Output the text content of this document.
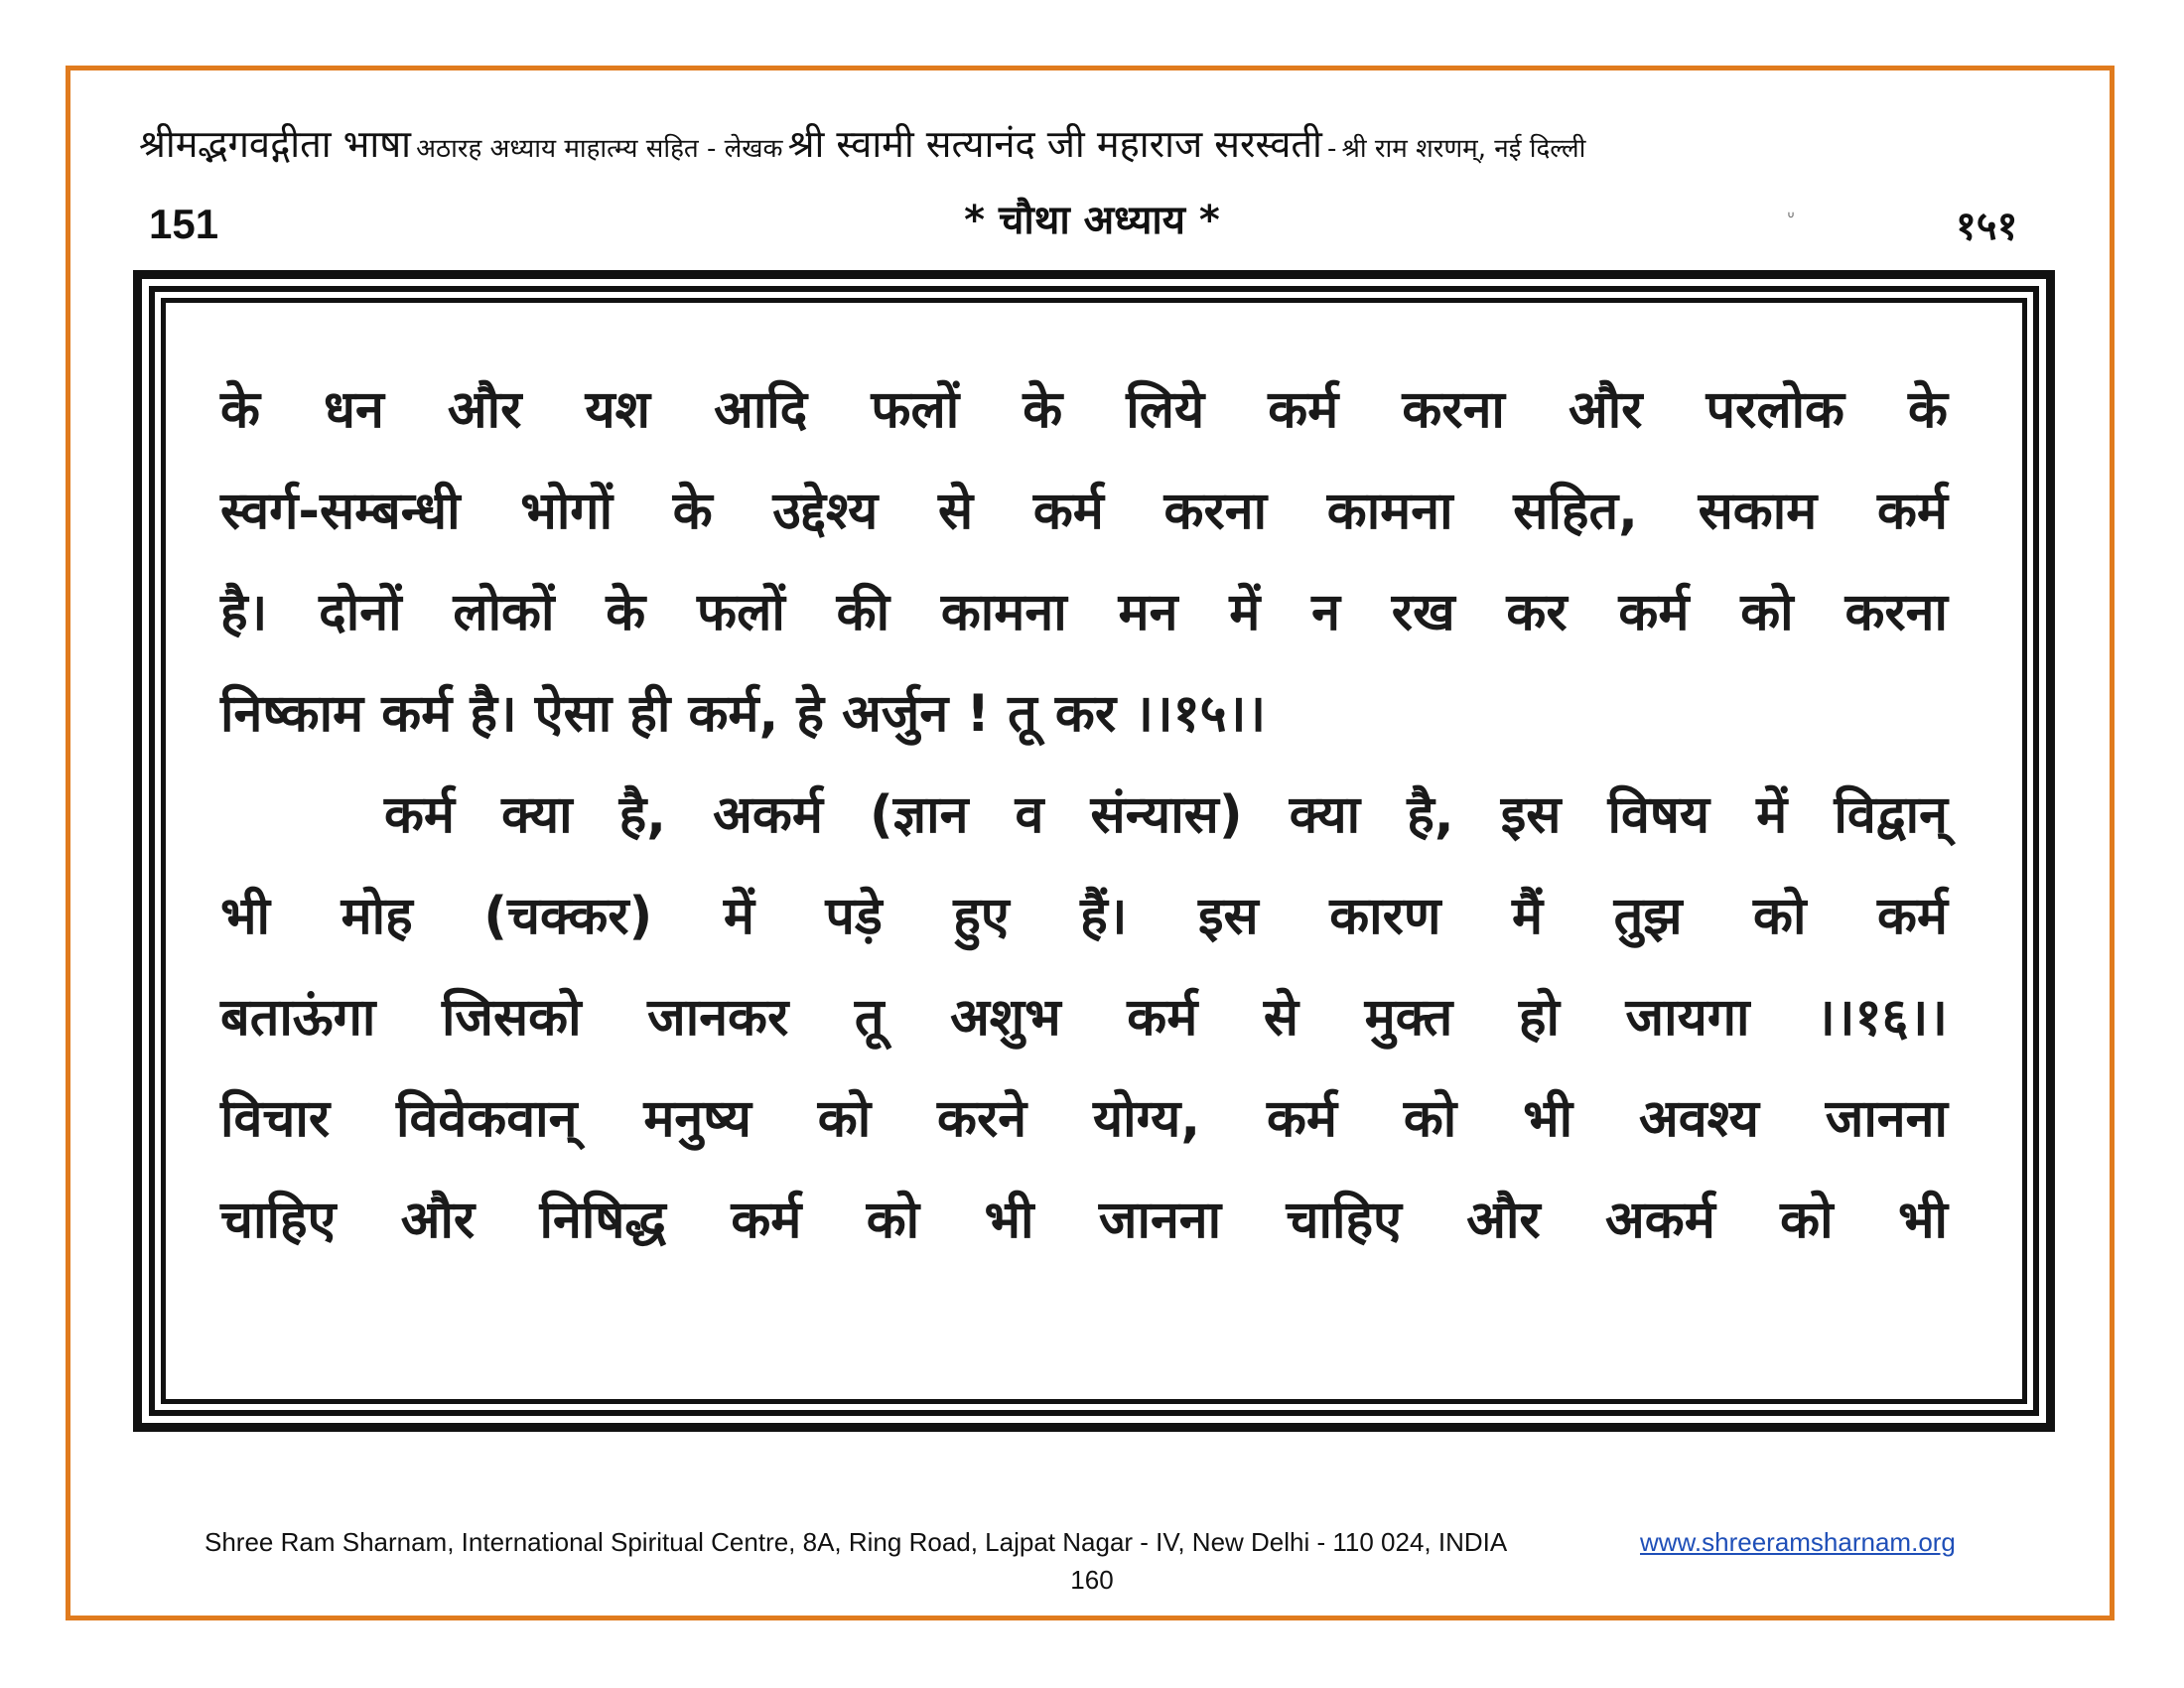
श्रीमद्भगवद्गीता भाषा अठारह अध्याय माहात्म्य सहित - लेखक श्री स्वामी सत्यानंद जी महाराज सरस्वती - श्री राम शरणम्, नई दिल्ली
151	* चौथा अध्याय *	ᐡ	१५१
के धन और यश आदि फलों के लिये कर्म करना और परलोक के
स्वर्ग-सम्बन्धी भोगों के उद्देश्य से कर्म करना कामना सहित, सकाम कर्म
है। दोनों लोकों के फलों की कामना मन में न रख कर कर्म को करना
निष्काम कर्म है। ऐसा ही कर्म, हे अर्जुन ! तू कर ।।१५।।
कर्म क्या है, अकर्म (ज्ञान व संन्यास) क्या है, इस विषय में विद्वान्
भी मोह (चक्कर) में पड़े हुए हैं। इस कारण मैं तुझ को कर्म
बताऊंगा जिसको जानकर तू अशुभ कर्म से मुक्त हो जायगा ।।१६।।
विचार विवेकवान् मनुष्य को करने योग्य, कर्म को भी अवश्य जानना
चाहिए और निषिद्ध कर्म को भी जानना चाहिए और अकर्म को भी
Shree Ram Sharnam, International Spiritual Centre, 8A, Ring Road, Lajpat Nagar - IV, New Delhi - 110 024, INDIA	www.shreeramsharnam.org
160
